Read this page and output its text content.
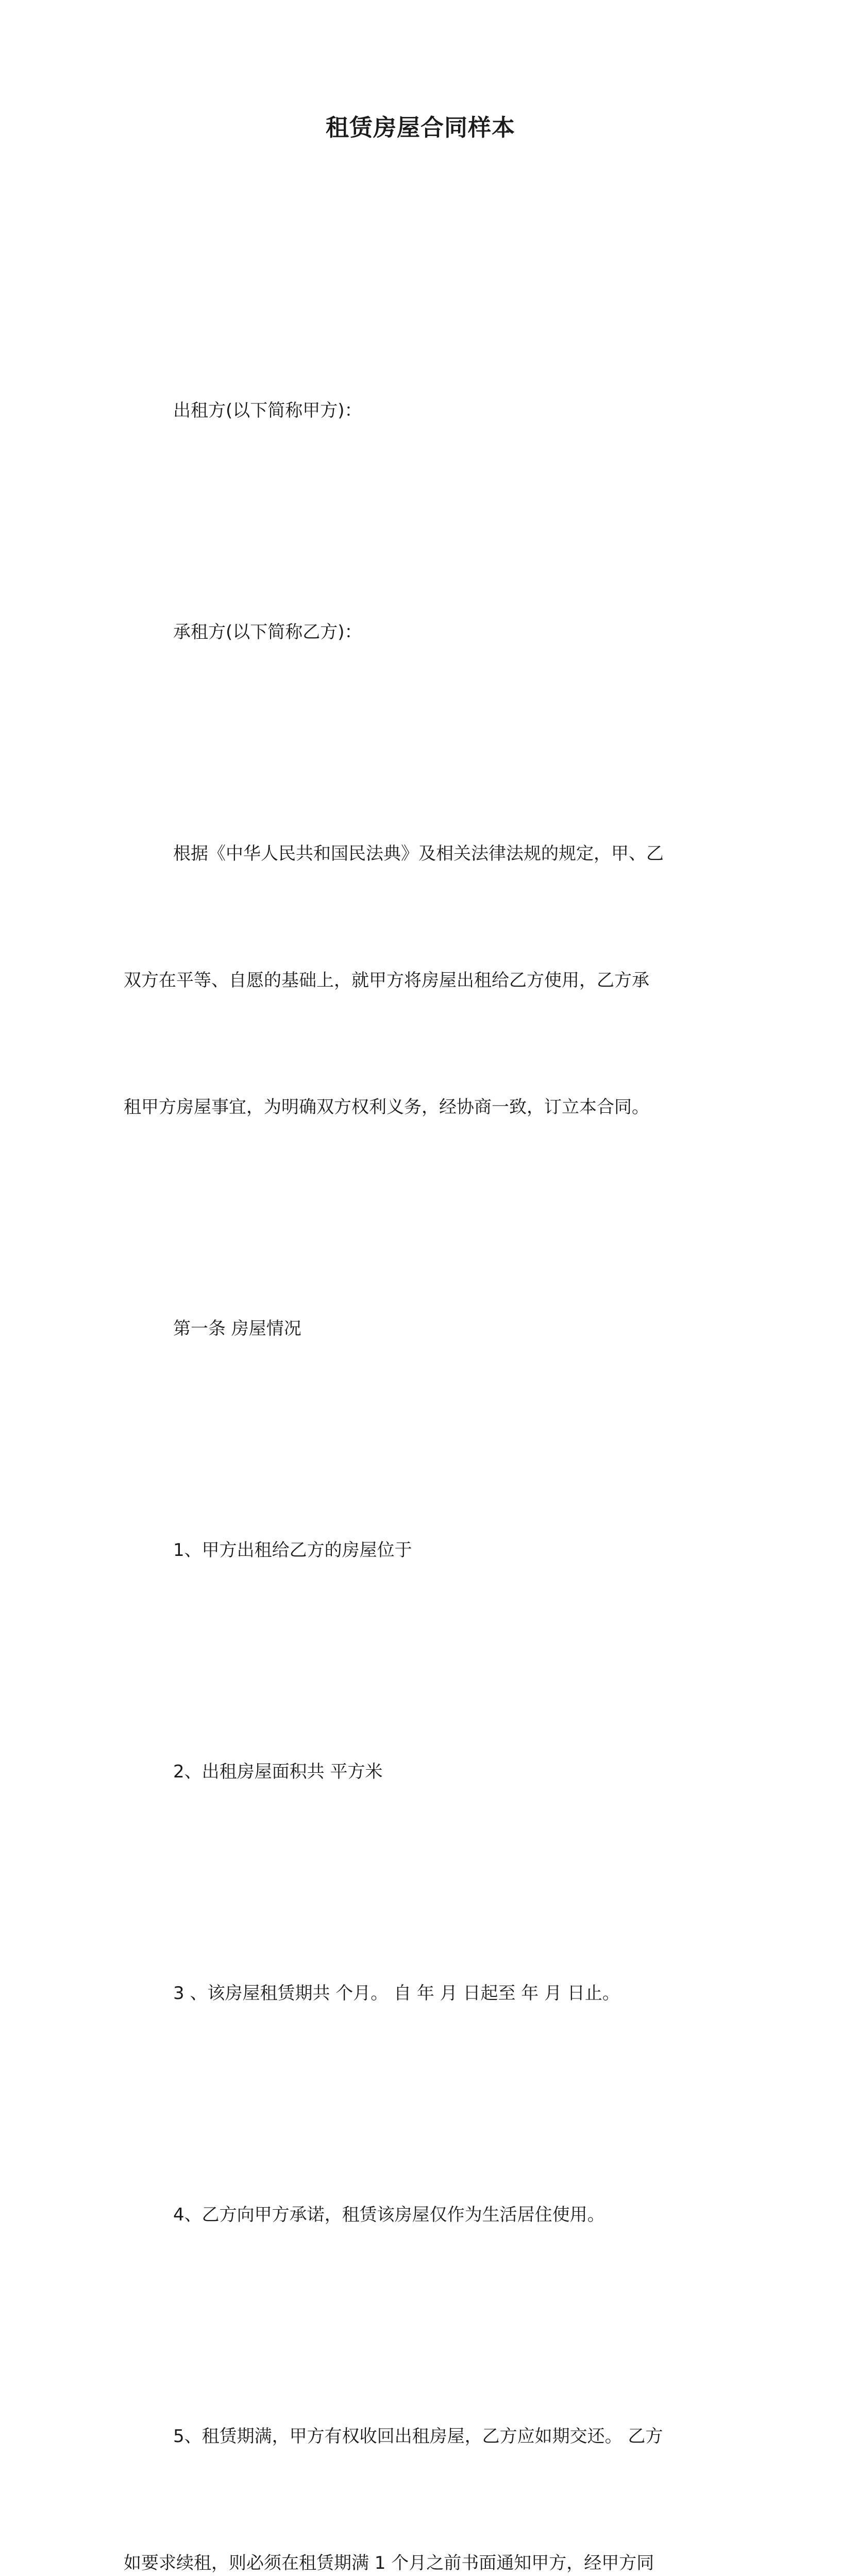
租赁房屋合同样本

出租方(以下简称甲方)：

承租方(以下简称乙方)：

根据《中华人民共和国民法典》及相关法律法规的规定，甲、乙

双方在平等、自愿的基础上，就甲方将房屋出租给乙方使用，乙方承

租甲方房屋事宜，为明确双方权利义务，经协商一致，订立本合同。

第一条 房屋情况

1、甲方出租给乙方的房屋位于

2、出租房屋面积共 平方米

3 、该房屋租赁期共 个月。 自 年 月 日起至 年 月 日止。

4、乙方向甲方承诺，租赁该房屋仅作为生活居住使用。

5、租赁期满，甲方有权收回出租房屋，乙方应如期交还。 乙方

如要求续租，则必须在租赁期满 1 个月之前书面通知甲方，经甲方同
